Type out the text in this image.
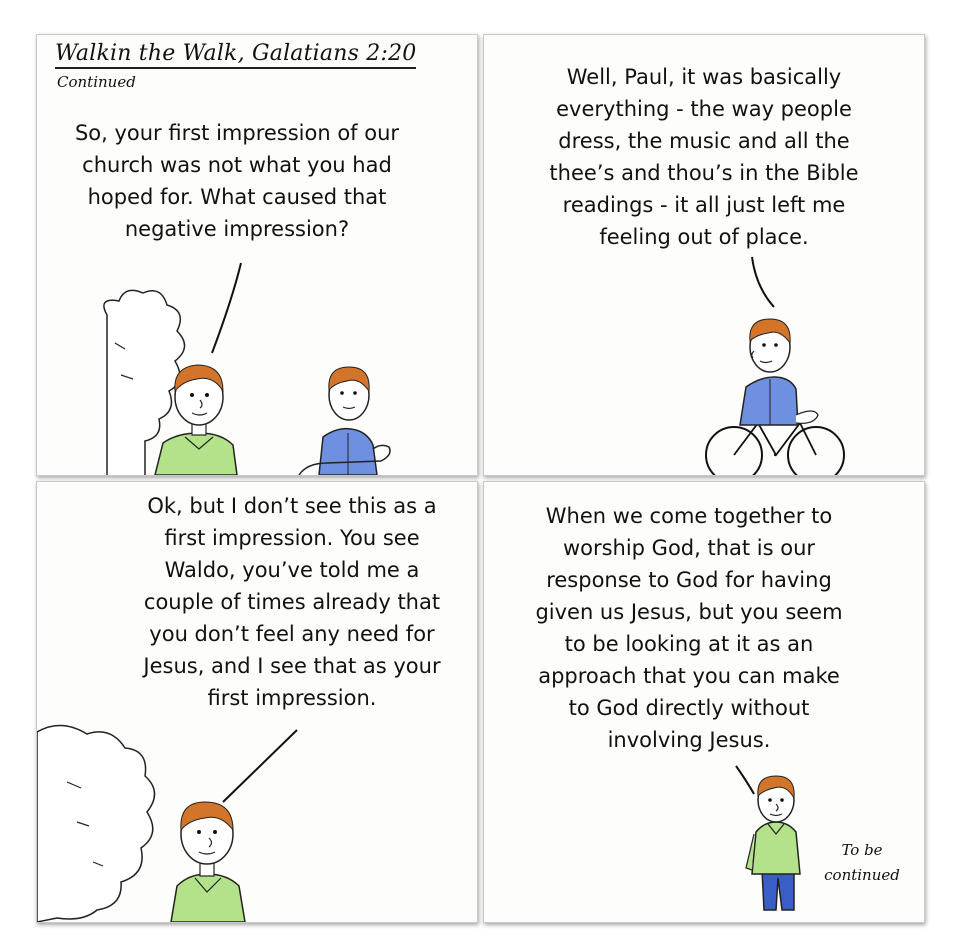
Walkin the Walk, Galatians 2:20
Continued

So, your first impression of our
church was not what you had
hoped for. What caused that
negative impression?

Well, Paul, it was basically
everything - the way people
dress, the music and all the
thee’s and thou’s in the Bible
readings - it all just left me
feeling out of place.

Ok, but I don’t see this as a
first impression. You see
Waldo, you’ve told me a
couple of times already that
you don’t feel any need for
Jesus, and I see that as your
first impression.

When we come together to
worship God, that is our
response to God for having
given us Jesus, but you seem
to be looking at it as an
approach that you can make
to God directly without
involving Jesus.

To be
continued
